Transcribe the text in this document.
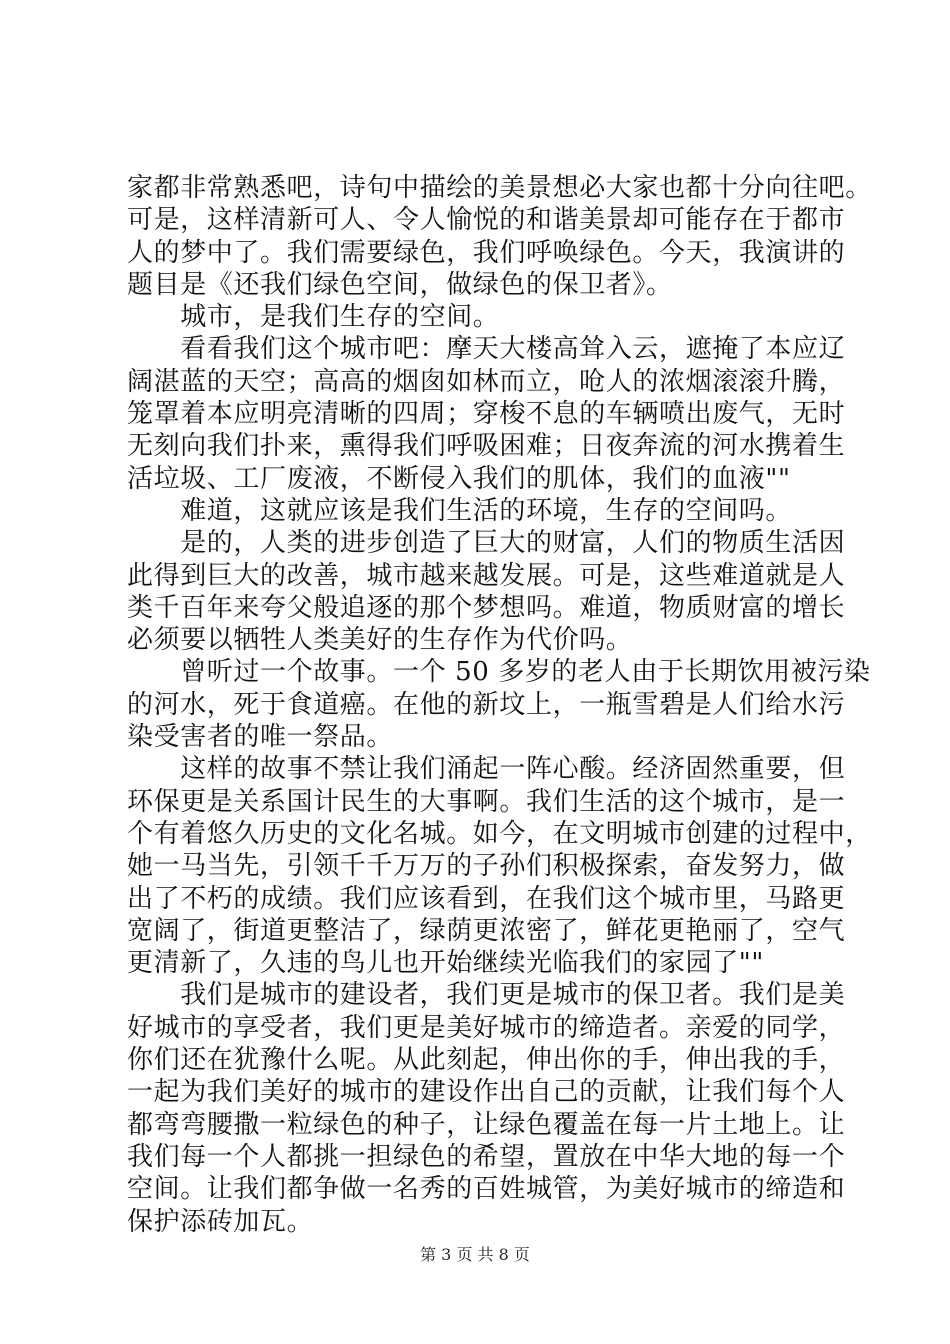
家都非常熟悉吧，诗句中描绘的美景想必大家也都十分向往吧。
可是，这样清新可人、令人愉悦的和谐美景却可能存在于都市
人的梦中了。我们需要绿色，我们呼唤绿色。今天，我演讲的
题目是《还我们绿色空间，做绿色的保卫者》。
　　城市，是我们生存的空间。
　　看看我们这个城市吧：摩天大楼高耸入云，遮掩了本应辽
阔湛蓝的天空；高高的烟囱如林而立，呛人的浓烟滚滚升腾，
笼罩着本应明亮清晰的四周；穿梭不息的车辆喷出废气，无时
无刻向我们扑来，熏得我们呼吸困难；日夜奔流的河水携着生
活垃圾、工厂废液，不断侵入我们的肌体，我们的血液""
　　难道，这就应该是我们生活的环境，生存的空间吗。
　　是的，人类的进步创造了巨大的财富，人们的物质生活因
此得到巨大的改善，城市越来越发展。可是，这些难道就是人
类千百年来夸父般追逐的那个梦想吗。难道，物质财富的增长
必须要以牺牲人类美好的生存作为代价吗。
　　曾听过一个故事。一个 50 多岁的老人由于长期饮用被污染
的河水，死于食道癌。在他的新坟上，一瓶雪碧是人们给水污
染受害者的唯一祭品。
　　这样的故事不禁让我们涌起一阵心酸。经济固然重要，但
环保更是关系国计民生的大事啊。我们生活的这个城市，是一
个有着悠久历史的文化名城。如今，在文明城市创建的过程中，
她一马当先，引领千千万万的子孙们积极探索，奋发努力，做
出了不朽的成绩。我们应该看到，在我们这个城市里，马路更
宽阔了，街道更整洁了，绿荫更浓密了，鲜花更艳丽了，空气
更清新了，久违的鸟儿也开始继续光临我们的家园了""
　　我们是城市的建设者，我们更是城市的保卫者。我们是美
好城市的享受者，我们更是美好城市的缔造者。亲爱的同学，
你们还在犹豫什么呢。从此刻起，伸出你的手，伸出我的手，
一起为我们美好的城市的建设作出自己的贡献，让我们每个人
都弯弯腰撒一粒绿色的种子，让绿色覆盖在每一片土地上。让
我们每一个人都挑一担绿色的希望，置放在中华大地的每一个
空间。让我们都争做一名秀的百姓城管，为美好城市的缔造和
保护添砖加瓦。
第 3 页 共 8 页
